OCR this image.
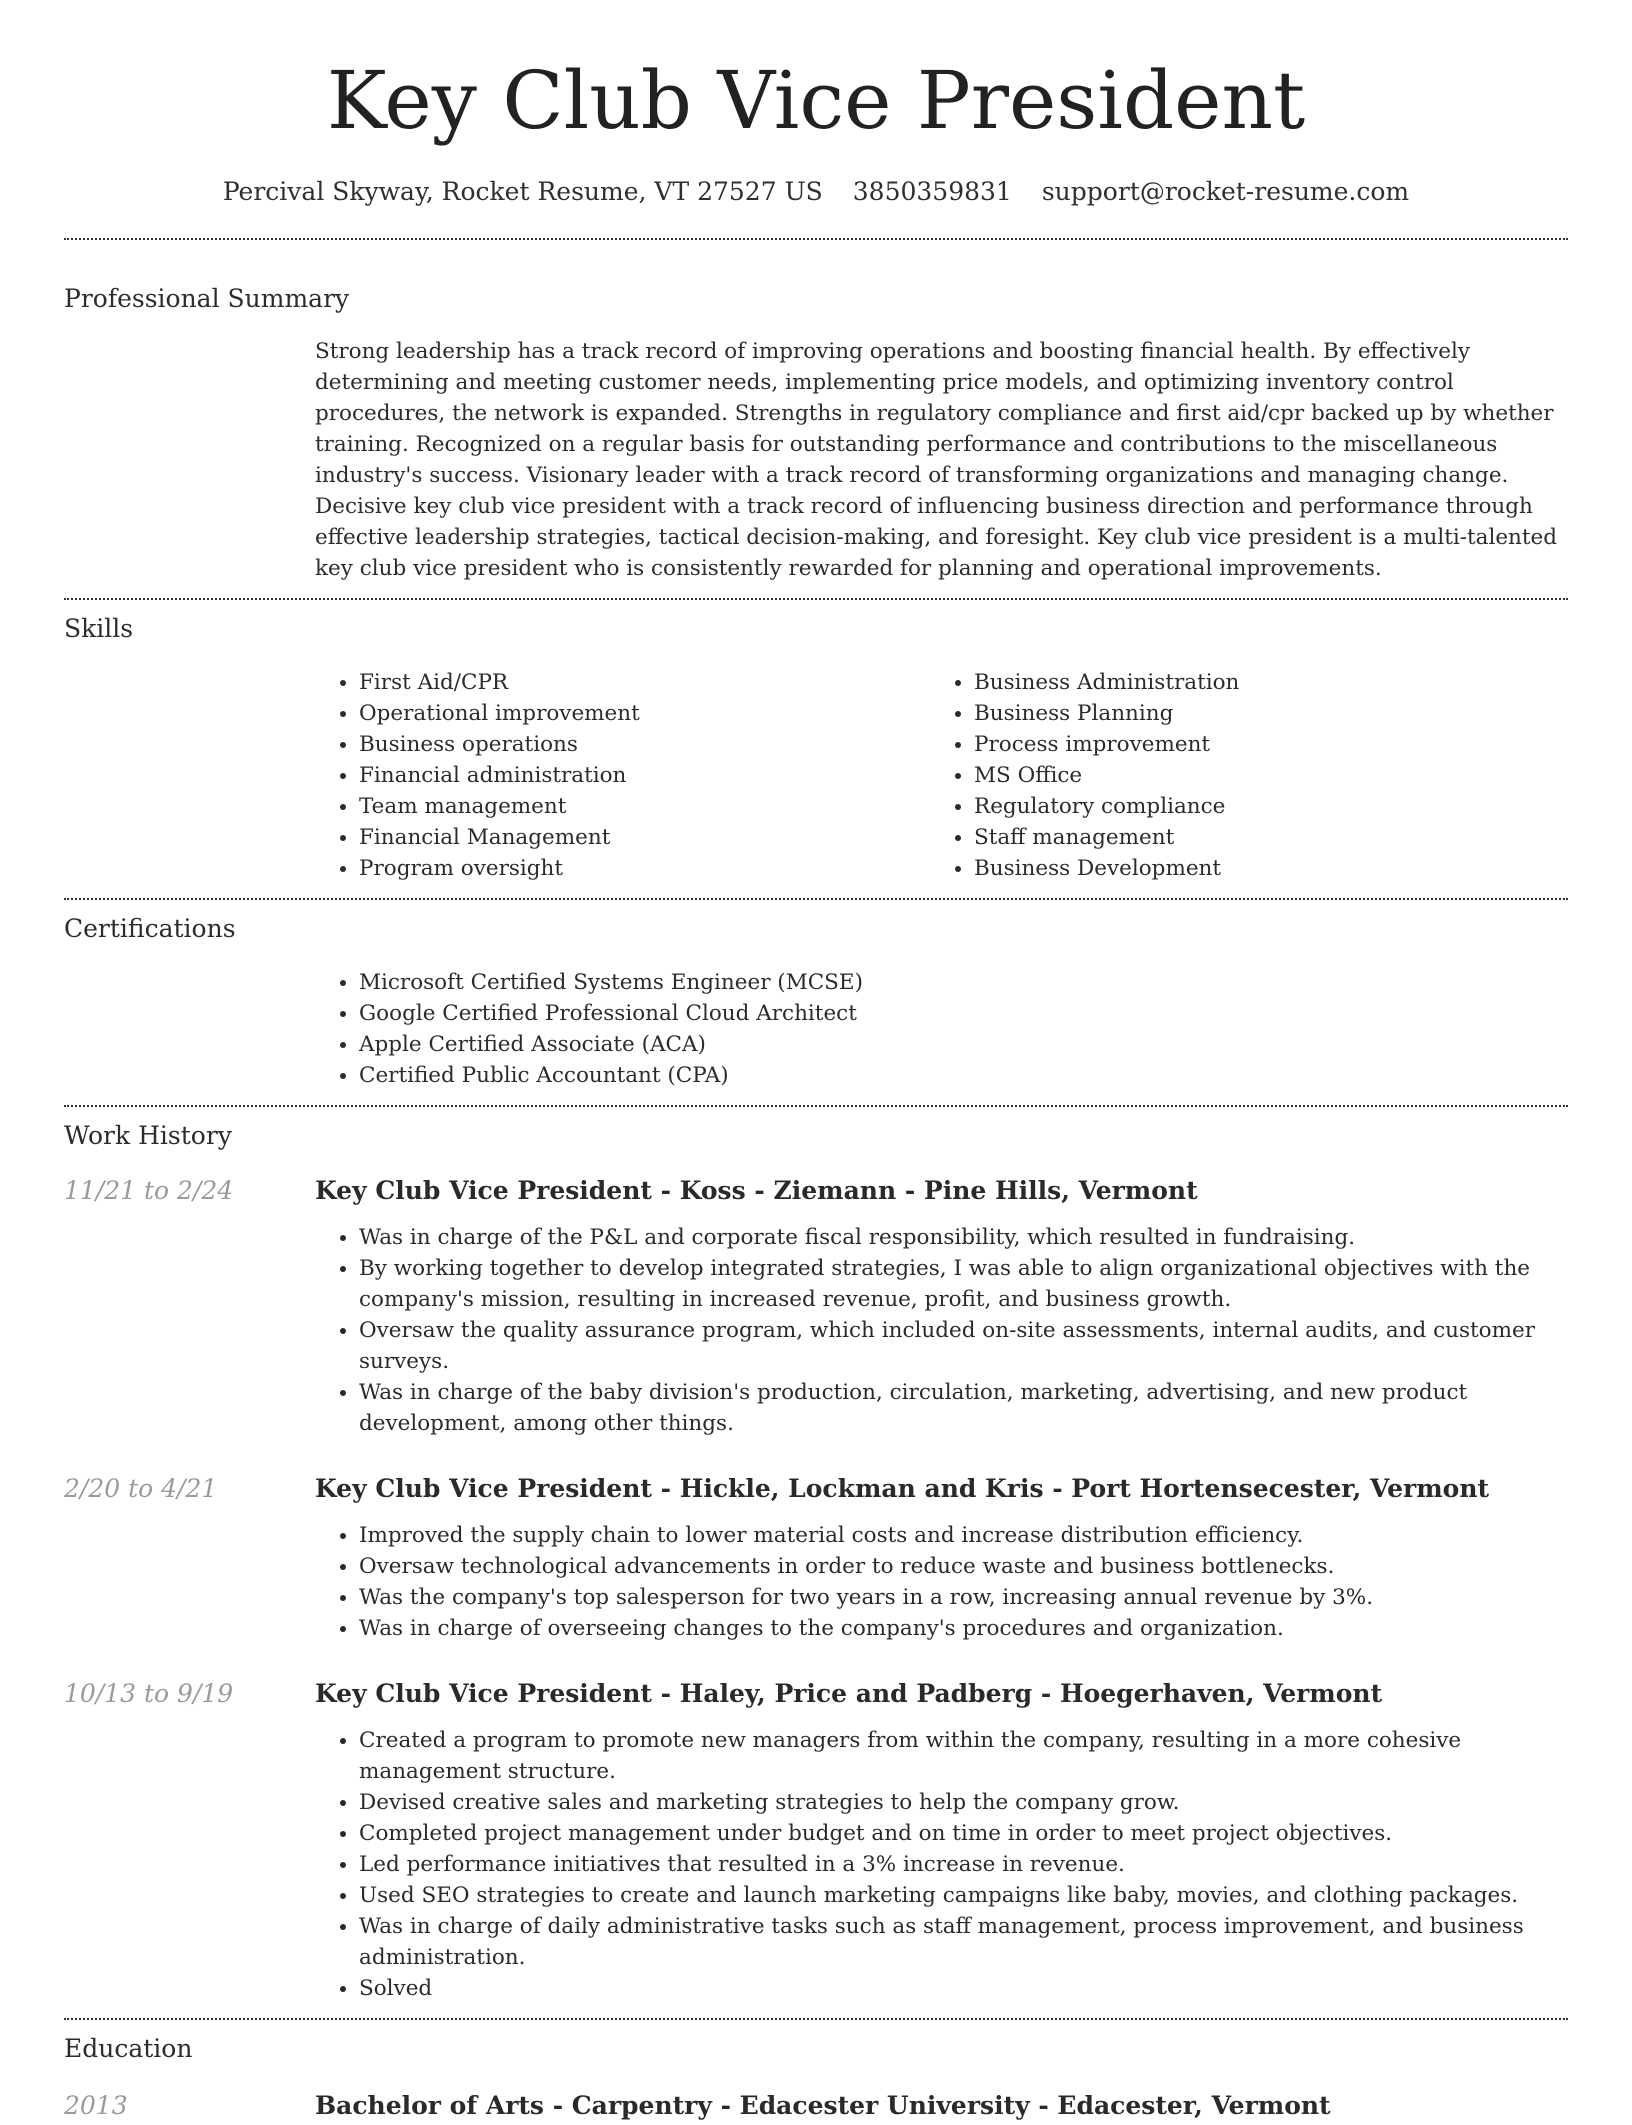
Key Club Vice President
Percival Skyway, Rocket Resume, VT 27527 US 3850359831 support@rocket-resume.com
Professional Summary
Strong leadership has a track record of improving operations and boosting financial health. By effectively determining and meeting customer needs, implementing price models, and optimizing inventory control procedures, the network is expanded. Strengths in regulatory compliance and first aid/cpr backed up by whether training. Recognized on a regular basis for outstanding performance and contributions to the miscellaneous industry's success. Visionary leader with a track record of transforming organizations and managing change. Decisive key club vice president with a track record of influencing business direction and performance through effective leadership strategies, tactical decision-making, and foresight. Key club vice president is a multi-talented key club vice president who is consistently rewarded for planning and operational improvements.
Skills
• First Aid/CPR
• Operational improvement
• Business operations
• Financial administration
• Team management
• Financial Management
• Program oversight
• Business Administration
• Business Planning
• Process improvement
• MS Office
• Regulatory compliance
• Staff management
• Business Development
Certifications
• Microsoft Certified Systems Engineer (MCSE)
• Google Certified Professional Cloud Architect
• Apple Certified Associate (ACA)
• Certified Public Accountant (CPA)
Work History
11/21 to 2/24	Key Club Vice President - Koss - Ziemann - Pine Hills, Vermont
• Was in charge of the P&L and corporate fiscal responsibility, which resulted in fundraising.
• By working together to develop integrated strategies, I was able to align organizational objectives with the company's mission, resulting in increased revenue, profit, and business growth.
• Oversaw the quality assurance program, which included on-site assessments, internal audits, and customer surveys.
• Was in charge of the baby division's production, circulation, marketing, advertising, and new product development, among other things.
2/20 to 4/21	Key Club Vice President - Hickle, Lockman and Kris - Port Hortensecester, Vermont
• Improved the supply chain to lower material costs and increase distribution efficiency.
• Oversaw technological advancements in order to reduce waste and business bottlenecks.
• Was the company's top salesperson for two years in a row, increasing annual revenue by 3%.
• Was in charge of overseeing changes to the company's procedures and organization.
10/13 to 9/19	Key Club Vice President - Haley, Price and Padberg - Hoegerhaven, Vermont
• Created a program to promote new managers from within the company, resulting in a more cohesive management structure.
• Devised creative sales and marketing strategies to help the company grow.
• Completed project management under budget and on time in order to meet project objectives.
• Led performance initiatives that resulted in a 3% increase in revenue.
• Used SEO strategies to create and launch marketing campaigns like baby, movies, and clothing packages.
• Was in charge of daily administrative tasks such as staff management, process improvement, and business administration.
• Solved
Education
2013	Bachelor of Arts - Carpentry - Edacester University - Edacester, Vermont
